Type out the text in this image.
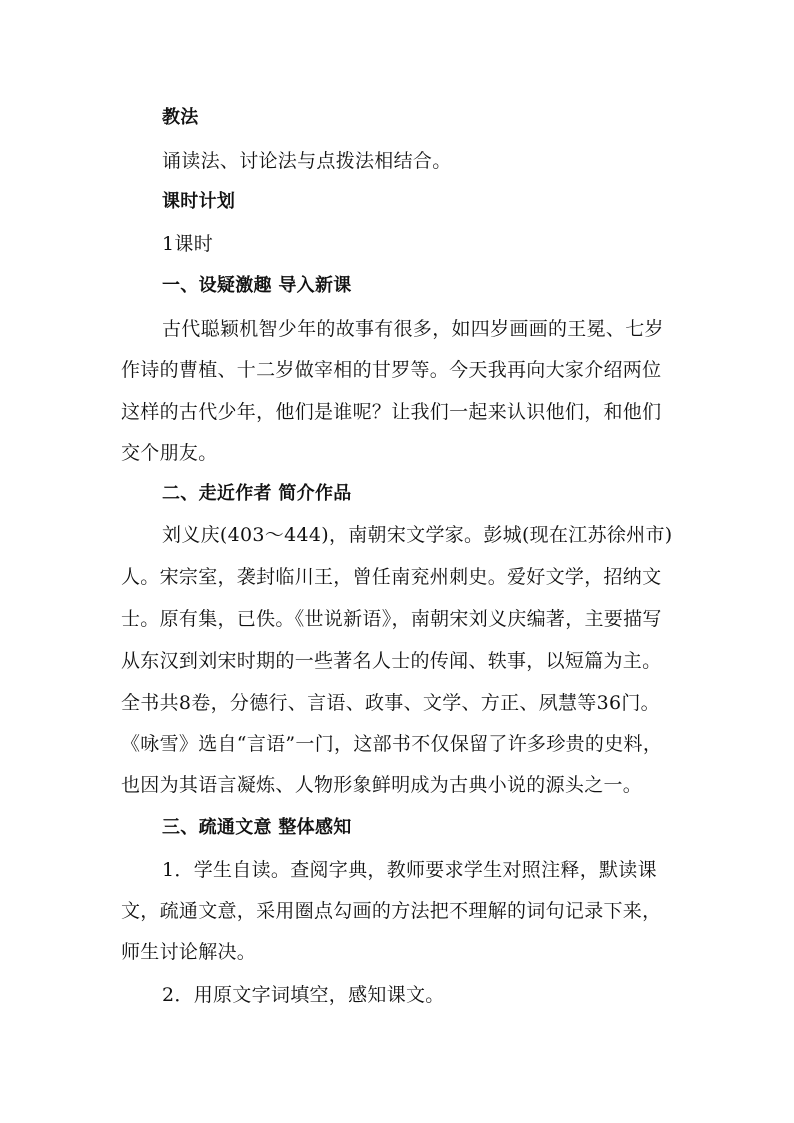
教法
诵读法、讨论法与点拨法相结合。
课时计划
1课时
一、设疑激趣 导入新课
古代聪颖机智少年的故事有很多，如四岁画画的王冕、七岁
作诗的曹植、十二岁做宰相的甘罗等。今天我再向大家介绍两位
这样的古代少年，他们是谁呢？让我们一起来认识他们，和他们
交个朋友。
二、走近作者 简介作品
刘义庆(403～444)，南朝宋文学家。彭城(现在江苏徐州市)
人。宋宗室，袭封临川王，曾任南兖州刺史。爱好文学，招纳文
士。原有集，已佚。《世说新语》，南朝宋刘义庆编著，主要描写
从东汉到刘宋时期的一些著名人士的传闻、轶事，以短篇为主。
全书共8卷，分德行、言语、政事、文学、方正、夙慧等36门。
《咏雪》选自“言语”一门，这部书不仅保留了许多珍贵的史料，
也因为其语言凝炼、人物形象鲜明成为古典小说的源头之一。
三、疏通文意 整体感知
1．学生自读。查阅字典，教师要求学生对照注释，默读课
文，疏通文意，采用圈点勾画的方法把不理解的词句记录下来，
师生讨论解决。
2．用原文字词填空，感知课文。
